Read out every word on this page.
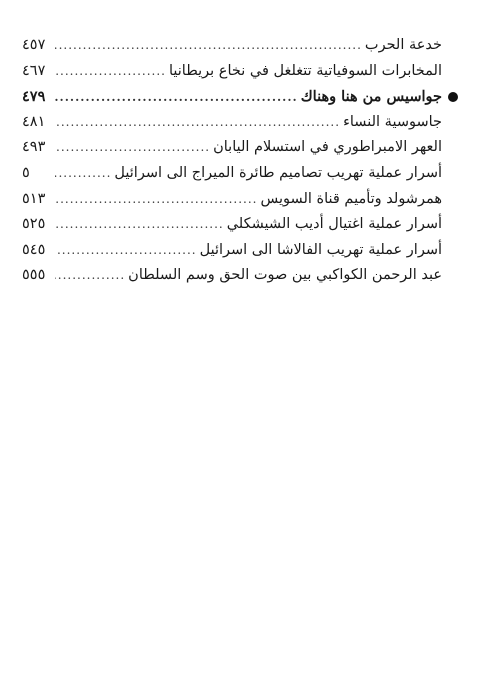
خدعة الحرب
.....
٤٥٧
المخابرات السوفياتية تتغلغل في نخاع بريطانيا
.....
٤٦٧
جواسيس من هنا وهناك
.....
٤٧٩
جاسوسية النساء
.....
٤٨١
العهر الامبراطوري في استسلام اليابان
.....
٤٩٣
أسرار عملية تهريب تصاميم طائرة الميراج الى اسرائيل
.....
٥
همرشولد وتأميم قناة السويس
.....
٥١٣
أسرار عملية اغتيال أديب الشيشكلي
.....
٥٢٥
أسرار عملية تهريب الفالاشا الى اسرائيل
.....
٥٤٥
عبد الرحمن الكواكبي بين صوت الحق وسم السلطان
.....
٥٥٥
